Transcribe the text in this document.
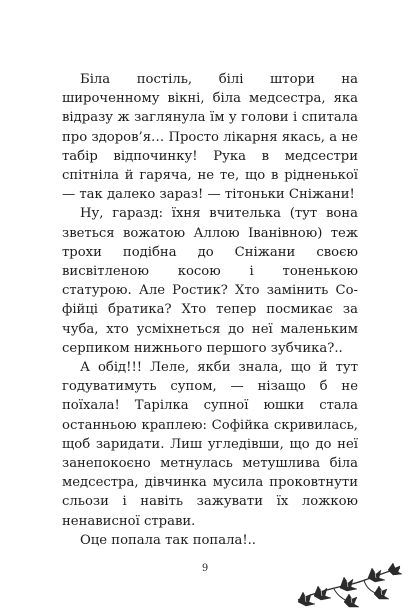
Біла постіль, білі штори на широченному вікні, біла медсестра, яка відразу ж заглянула їм у голови і спитала про здоров’я… Просто лікарня якась, а не табір відпочинку! Рука в медсестри спітніла й гаряча, не те, що в рідненької — так далеко зараз! — тітоньки Сніжани!

Ну, гаразд: їхня вчителька (тут вона зветься вожатою Аллою Іванівною) теж трохи подібна до Сніжани своєю висвітленою косою і тоненькою статурою. Але Ростик? Хто замінить Софійці братика? Хто тепер посмикає за чуба, хто усміхнеться до неї маленьким серпиком нижнього першого зубчика?..

А обід!!! Леле, якби знала, що й тут годуватимуть супом, — нізащо б не поїхала! Тарілка супної юшки стала останньою краплею: Софійка скривилась, щоб заридати. Лиш угледівши, що до неї занепокоєно метнулась метушлива біла медсестра, дівчинка мусила проковтнути сльози і навіть зажувати їх ложкою ненависної страви.

Оце попала так попала!..

9
